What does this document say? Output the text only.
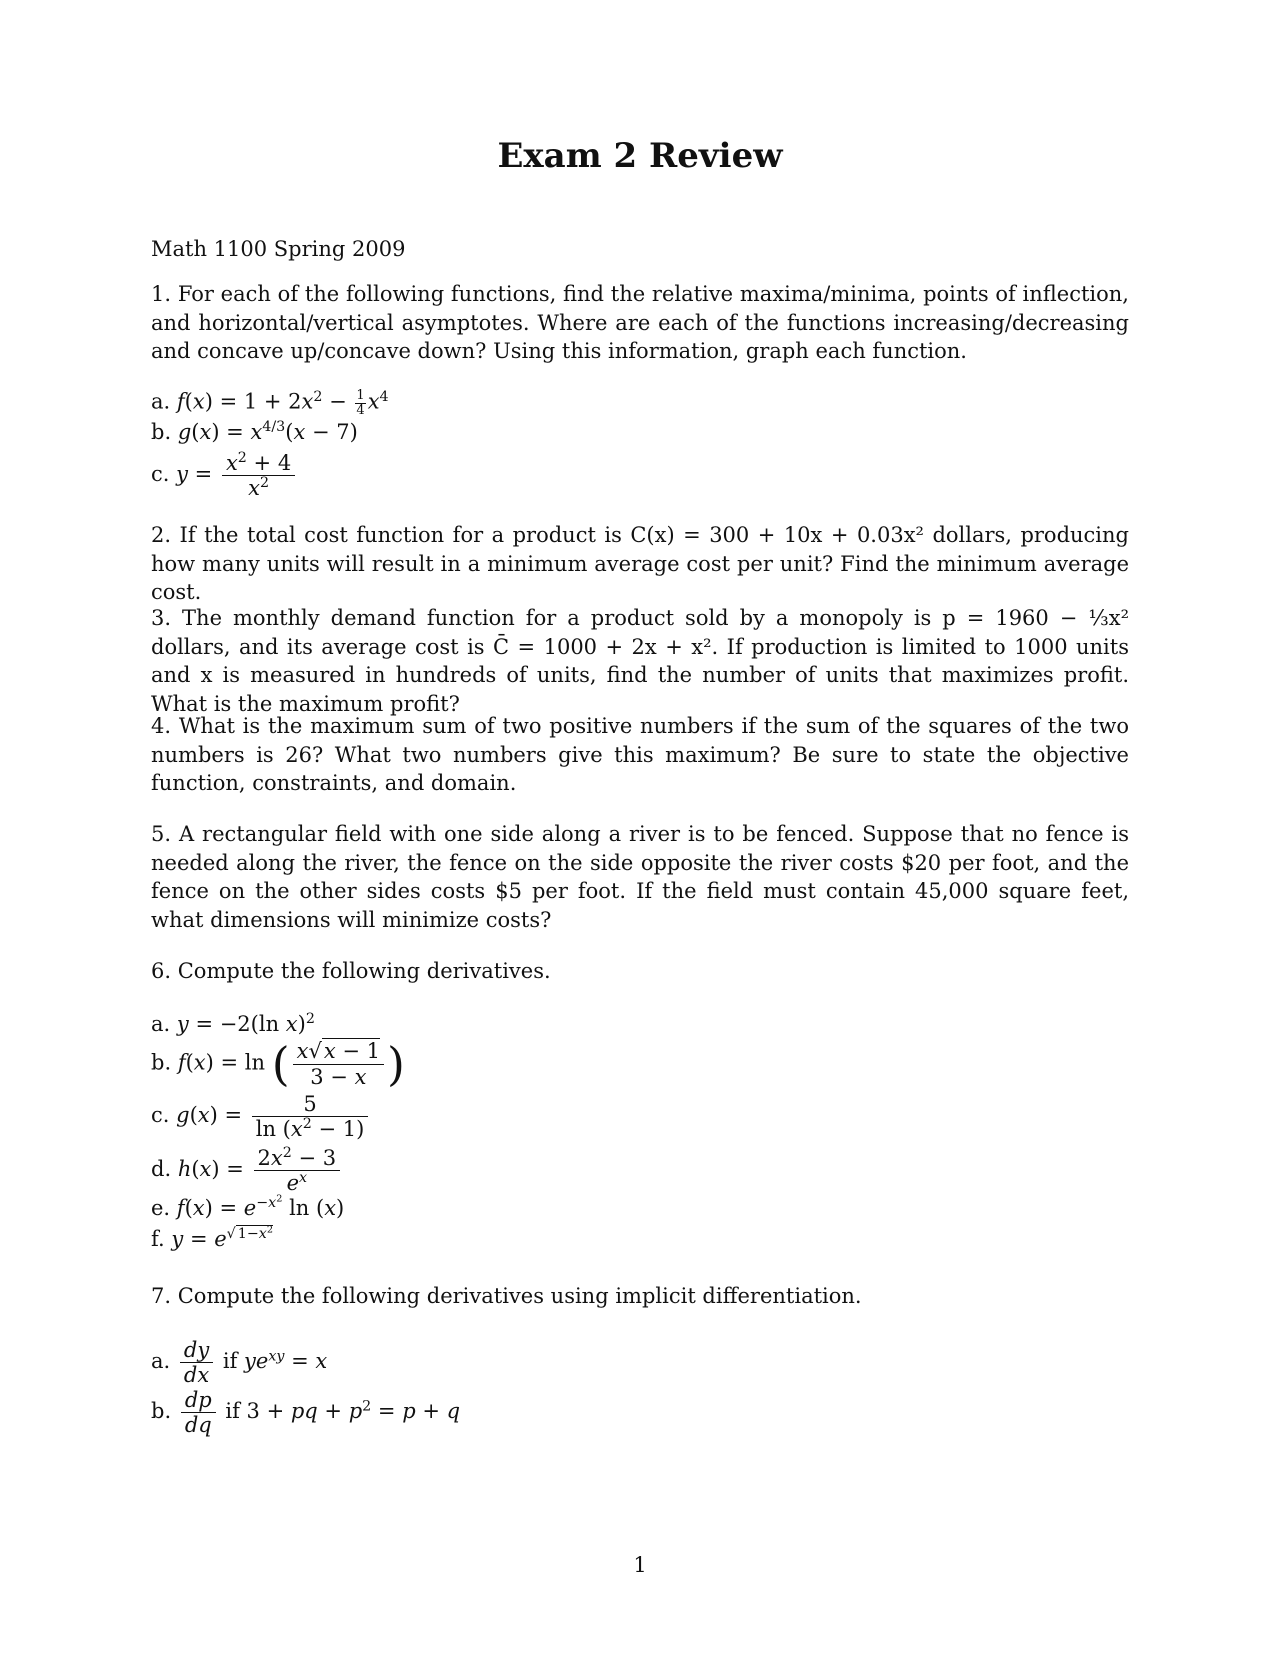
Exam 2 Review
Math 1100 Spring 2009
1. For each of the following functions, find the relative maxima/minima, points of inflection, and horizontal/vertical asymptotes. Where are each of the functions increasing/decreasing and concave up/concave down? Using this information, graph each function.
a. $f(x) = 1 + 2x^2 - \frac{1}{4} x^4$
b. $g(x) = x^{4/3}(x - 7)$
c. $y = \frac{x^2 + 4}{x^2}$
2. If the total cost function for a product is C(x) = 300 + 10x + 0.03x² dollars, producing how many units will result in a minimum average cost per unit? Find the minimum average cost.
3. The monthly demand function for a product sold by a monopoly is p = 1960 − ⅓x² dollars, and its average cost is C̄ = 1000 + 2x + x². If production is limited to 1000 units and x is measured in hundreds of units, find the number of units that maximizes profit. What is the maximum profit?
4. What is the maximum sum of two positive numbers if the sum of the squares of the two numbers is 26? What two numbers give this maximum? Be sure to state the objective function, constraints, and domain.
5. A rectangular field with one side along a river is to be fenced. Suppose that no fence is needed along the river, the fence on the side opposite the river costs $20 per foot, and the fence on the other sides costs $5 per foot. If the field must contain 45,000 square feet, what dimensions will minimize costs?
6. Compute the following derivatives.
a. y = −2(ln x)$^2$
b. f(x) = ln ( $\frac{x√x - 1}{3 - x}$ )
c. $g(x) = \frac{5}{\ln (x^2 - 1)}$
d. $h(x) = \frac{2x^2 - 3}{e^x}$
e. $f(x) = e^{-x^2}$ ln (x)
f. $y = e^{√ 1-x^2}$
7. Compute the following derivatives using implicit differentiation.
a. $\frac{dy}{dx}$ if $ye^{xy} = x$
b. $\frac{dp}{dq}$ if 3 + pq + $p^2 = p + q$
1
